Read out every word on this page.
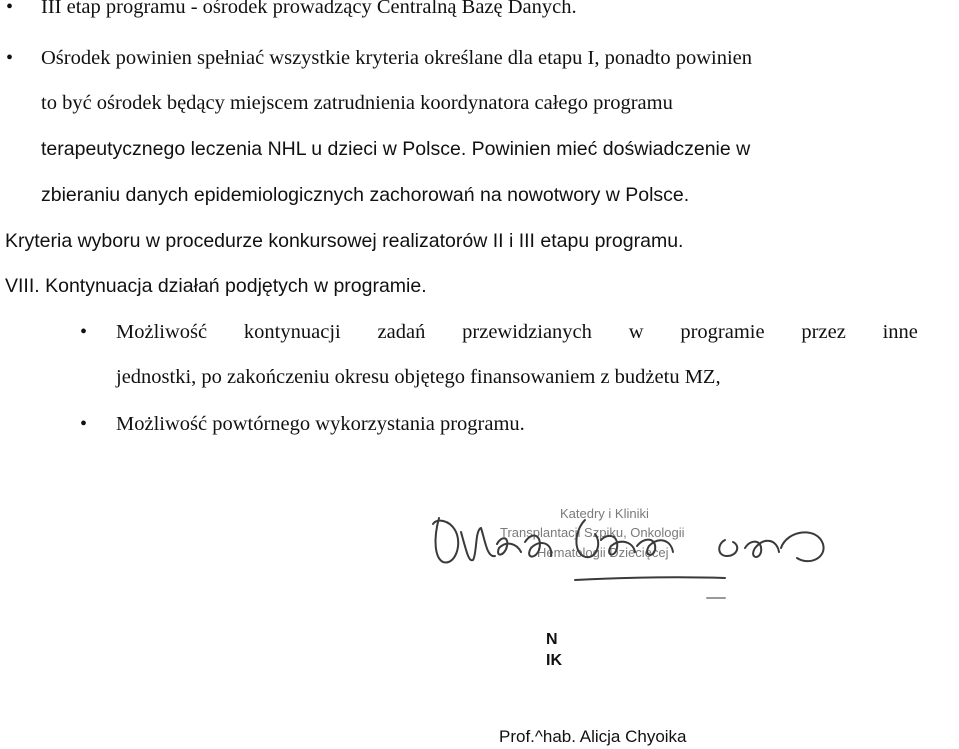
• III etap programu - ośrodek prowadzący Centralną Bazę Danych.
• Ośrodek powinien spełniać wszystkie kryteria określane dla etapu I, ponadto powinien
to być ośrodek będący miejscem zatrudnienia koordynatora całego programu
terapeutycznego leczenia NHL u dzieci w Polsce. Powinien mieć doświadczenie w
zbieraniu danych epidemiologicznych zachorowań na nowotwory w Polsce.
Kryteria wyboru w procedurze konkursowej realizatorów II i III etapu programu.
VIII. Kontynuacja działań podjętych w programie.
• Możliwość kontynuacji zadań przewidzianych w programie przez inne
jednostki, po zakończeniu okresu objętego finansowaniem z budżetu MZ,
• Możliwość powtórnego wykorzystania programu.
Katedry i Kliniki
Transplantacji Szpiku, Onkologii
Hematologii Dziecięcej
N
IK
Prof.^hab. Alicja Chyoika
